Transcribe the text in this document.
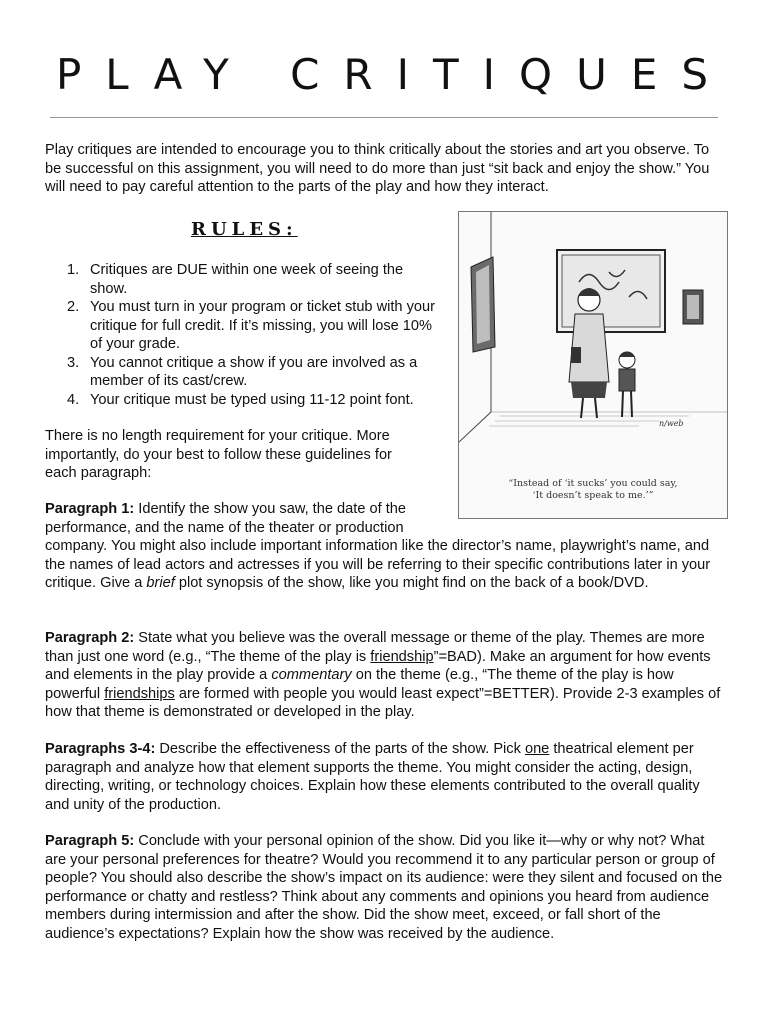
PLAY CRITIQUES

Play critiques are intended to encourage you to think critically about the stories and art you observe. To be successful on this assignment, you will need to do more than just “sit back and enjoy the show.” You will need to pay careful attention to the parts of the play and how they interact.

RULES:
1. Critiques are DUE within one week of seeing the show.
2. You must turn in your program or ticket stub with your critique for full credit. If it’s missing, you will lose 10% of your grade.
3. You cannot critique a show if you are involved as a member of its cast/crew.
4. Your critique must be typed using 11-12 point font.

There is no length requirement for your critique. More importantly, do your best to follow these guidelines for each paragraph:

n/web
“Instead of ‘it sucks’ you could say,
‘It doesn’t speak to me.’”
Paragraph 1: Identify the show you saw, the date of the performance, and the name of the theater or production
company. You might also include important information like the director’s name, playwright’s name, and the names of lead actors and actresses if you will be referring to their specific contributions later in your critique. Give a brief plot synopsis of the show, like you might find on the back of a book/DVD.

Paragraph 2: State what you believe was the overall message or theme of the play. Themes are more than just one word (e.g., “The theme of the play is friendship”=BAD). Make an argument for how events and elements in the play provide a commentary on the theme (e.g., “The theme of the play is how powerful friendships are formed with people you would least expect”=BETTER). Provide 2-3 examples of how that theme is demonstrated or developed in the play.

Paragraphs 3-4: Describe the effectiveness of the parts of the show. Pick one theatrical element per paragraph and analyze how that element supports the theme. You might consider the acting, design, directing, writing, or technology choices. Explain how these elements contributed to the overall quality and unity of the production.

Paragraph 5: Conclude with your personal opinion of the show. Did you like it—why or why not? What are your personal preferences for theatre? Would you recommend it to any particular person or group of people? You should also describe the show’s impact on its audience: were they silent and focused on the performance or chatty and restless? Think about any comments and opinions you heard from audience members during intermission and after the show. Did the show meet, exceed, or fall short of the audience’s expectations? Explain how the show was received by the audience.
